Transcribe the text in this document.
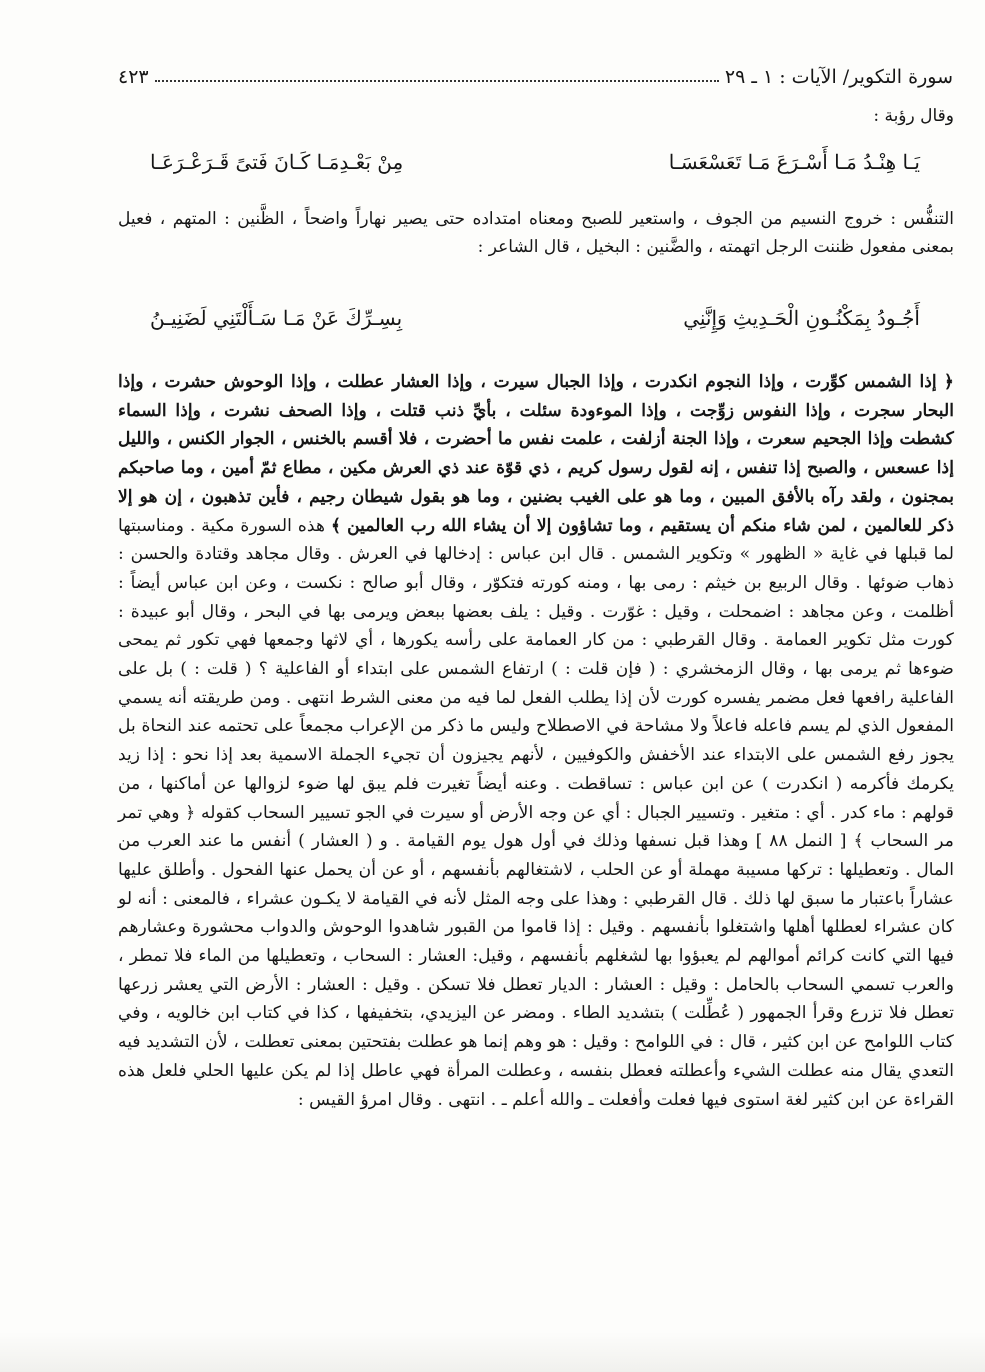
سورة التكوير/ الآيات : ١ ـ ٢٩
٤٢٣
وقال رؤبة :
يَـا هِنْـدُ مَـا أَسْـرَعَ مَـا تَعَسْعَسَـا
مِنْ بَعْـدِمَـا كَـانَ فَتىً قَـرَعْـرَعَـا
التنفُّس : خروج النسيم من الجوف ، واستعير للصبح ومعناه امتداده حتى يصير نهاراً واضحاً ، الظَّنين : المتهم ، فعيل بمعنى مفعول ظننت الرجل اتهمته ، والضَّنين : البخيل ، قال الشاعر :
أَجُـودُ بِمَكْنُـونِ الْحَـدِيثِ وَإِنَّنِي
بِسِـرِّكَ عَنْ مَـا سَـأَلْتَنِي لَضَنِيـنُ
﴿ إذا الشمس كوِّرت ، وإذا النجوم انكدرت ، وإذا الجبال سيرت ، وإذا العشار عطلت ، وإذا الوحوش حشرت ، وإذا البحار سجرت ، وإذا النفوس زوِّجت ، وإذا الموءودة سئلت ، بأيِّ ذنب قتلت ، وإذا الصحف نشرت ، وإذا السماء كشطت وإذا الجحيم سعرت ، وإذا الجنة أزلفت ، علمت نفس ما أحضرت ، فلا أقسم بالخنس ، الجوار الكنس ، والليل إذا عسعس ، والصبح إذا تنفس ، إنه لقول رسول كريم ، ذي قوّة عند ذي العرش مكين ، مطاع ثمّ أمين ، وما صاحبكم بمجنون ، ولقد رآه بالأفق المبين ، وما هو على الغيب بضنين ، وما هو بقول شيطان رجيم ، فأين تذهبون ، إن هو إلا ذكر للعالمين ، لمن شاء منكم أن يستقيم ، وما تشاؤون إلا أن يشاء الله رب العالمين ﴾ هذه السورة مكية . ومناسبتها لما قبلها في غاية « الظهور » وتكوير الشمس . قال ابن عباس : إدخالها في العرش . وقال مجاهد وقتادة والحسن : ذهاب ضوئها . وقال الربيع بن خيثم : رمى بها ، ومنه كورته فتكوّر ، وقال أبو صالح : نكست ، وعن ابن عباس أيضاً : أظلمت ، وعن مجاهد : اضمحلت ، وقيل : غوّرت . وقيل : يلف بعضها ببعض ويرمى بها في البحر ، وقال أبو عبيدة : كورت مثل تكوير العمامة . وقال القرطبي : من كار العمامة على رأسه يكورها ، أي لاثها وجمعها فهي تكور ثم يمحى ضوءها ثم يرمى بها ، وقال الزمخشري : ( فإن قلت : ) ارتفاع الشمس على ابتداء أو الفاعلية ؟ ( قلت : ) بل على الفاعلية رافعها فعل مضمر يفسره كورت لأن إذا يطلب الفعل لما فيه من معنى الشرط انتهى . ومن طريقته أنه يسمي المفعول الذي لم يسم فاعله فاعلاً ولا مشاحة في الاصطلاح وليس ما ذكر من الإعراب مجمعاً على تحتمه عند النحاة بل يجوز رفع الشمس على الابتداء عند الأخفش والكوفيين ، لأنهم يجيزون أن تجيء الجملة الاسمية بعد إذا نحو : إذا زيد يكرمك فأكرمه ( انكدرت ) عن ابن عباس : تساقطت . وعنه أيضاً تغيرت فلم يبق لها ضوء لزوالها عن أماكنها ، من قولهم : ماء كدر . أي : متغير . وتسيير الجبال : أي عن وجه الأرض أو سيرت في الجو تسيير السحاب كقوله ﴿ وهي تمر مر السحاب ﴾ [ النمل ٨٨ ] وهذا قبل نسفها وذلك في أول هول يوم القيامة . و ( العشار ) أنفس ما عند العرب من المال . وتعطيلها : تركها مسيبة مهملة أو عن الحلب ، لاشتغالهم بأنفسهم ، أو عن أن يحمل عنها الفحول . وأطلق عليها عشاراً باعتبار ما سبق لها ذلك . قال القرطبي : وهذا على وجه المثل لأنه في القيامة لا يكـون عشراء ، فالمعنى : أنه لو كان عشراء لعطلها أهلها واشتغلوا بأنفسهم . وقيل : إذا قاموا من القبور شاهدوا الوحوش والدواب محشورة وعشارهم فيها التي كانت كرائم أموالهم لم يعبؤوا بها لشغلهم بأنفسهم ، وقيل: العشار : السحاب ، وتعطيلها من الماء فلا تمطر ، والعرب تسمي السحاب بالحامل : وقيل : العشار : الديار تعطل فلا تسكن . وقيل : العشار : الأرض التي يعشر زرعها تعطل فلا تزرع وقرأ الجمهور ( عُطِّلت ) بتشديد الطاء . ومضر عن اليزيدي، بتخفيفها ، كذا في كتاب ابن خالويه ، وفي كتاب اللوامح عن ابن كثير ، قال : في اللوامح : وقيل : هو وهم إنما هو عطلت بفتحتين بمعنى تعطلت ، لأن التشديد فيه التعدي يقال منه عطلت الشيء وأعطلته فعطل بنفسه ، وعطلت المرأة فهي عاطل إذا لم يكن عليها الحلي فلعل هذه القراءة عن ابن كثير لغة استوى فيها فعلت وأفعلت ـ والله أعلم ـ . انتهى . وقال امرؤ القيس :
